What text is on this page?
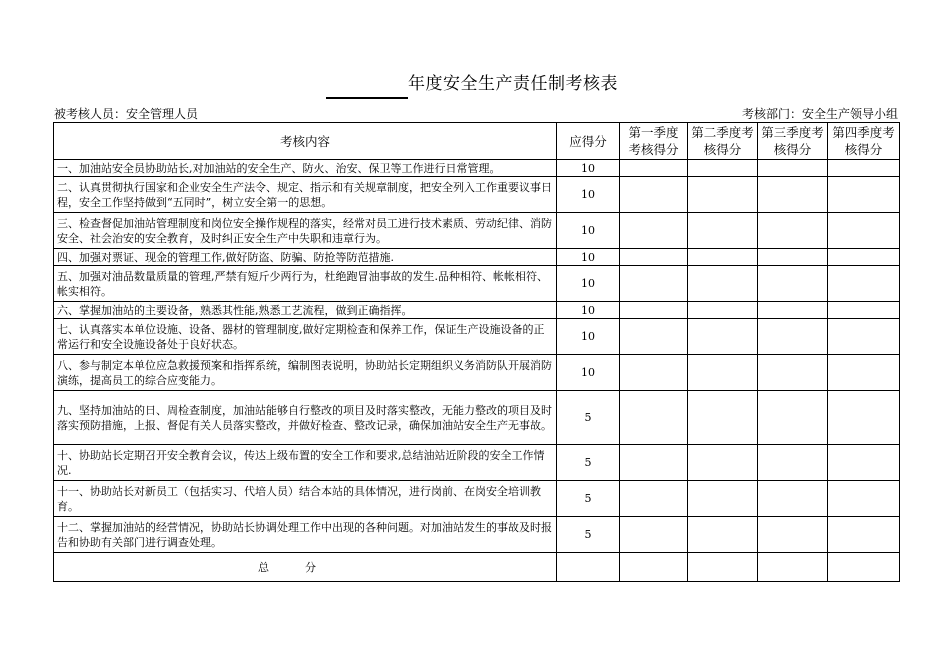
年度安全生产责任制考核表
被考核人员：安全管理人员	考核部门：安全生产领导小组
考核内容	应得分	第一季度考核得分	第二季度考核得分	第三季度考核得分	第四季度考核得分
一、加油站安全员协助站长,对加油站的安全生产、防火、治安、保卫等工作进行日常管理。	10				
二、认真贯彻执行国家和企业安全生产法令、规定、指示和有关规章制度，把安全列入工作重要议事日程，安全工作坚持做到“五同时”，树立安全第一的思想。	10				
三、检查督促加油站管理制度和岗位安全操作规程的落实，经常对员工进行技术素质、劳动纪律、消防安全、社会治安的安全教育，及时纠正安全生产中失职和违章行为。	10				
四、加强对票证、现金的管理工作,做好防盗、防骗、防抢等防范措施.	10				
五、加强对油品数量质量的管理,严禁有短斤少两行为，杜绝跑冒油事故的发生.品种相符、帐帐相符、帐实相符。	10				
六、掌握加油站的主要设备，熟悉其性能,熟悉工艺流程，做到正确指挥。	10				
七、认真落实本单位设施、设备、器材的管理制度,做好定期检查和保养工作，保证生产设施设备的正常运行和安全设施设备处于良好状态。	10				
八、参与制定本单位应急救援预案和指挥系统，编制图表说明，协助站长定期组织义务消防队开展消防演练，提高员工的综合应变能力。	10				
九、坚持加油站的日、周检查制度，加油站能够自行整改的项目及时落实整改，无能力整改的项目及时落实预防措施，上报、督促有关人员落实整改，并做好检查、整改记录，确保加油站安全生产无事故。	5				
十、协助站长定期召开安全教育会议，传达上级布置的安全工作和要求,总结油站近阶段的安全工作情况.	5				
十一、协助站长对新员工（包括实习、代培人员）结合本站的具体情况，进行岗前、在岗安全培训教育。	5				
十二、掌握加油站的经营情况，协助站长协调处理工作中出现的各种问题。对加油站发生的事故及时报告和协助有关部门进行调查处理。	5				
总分					
